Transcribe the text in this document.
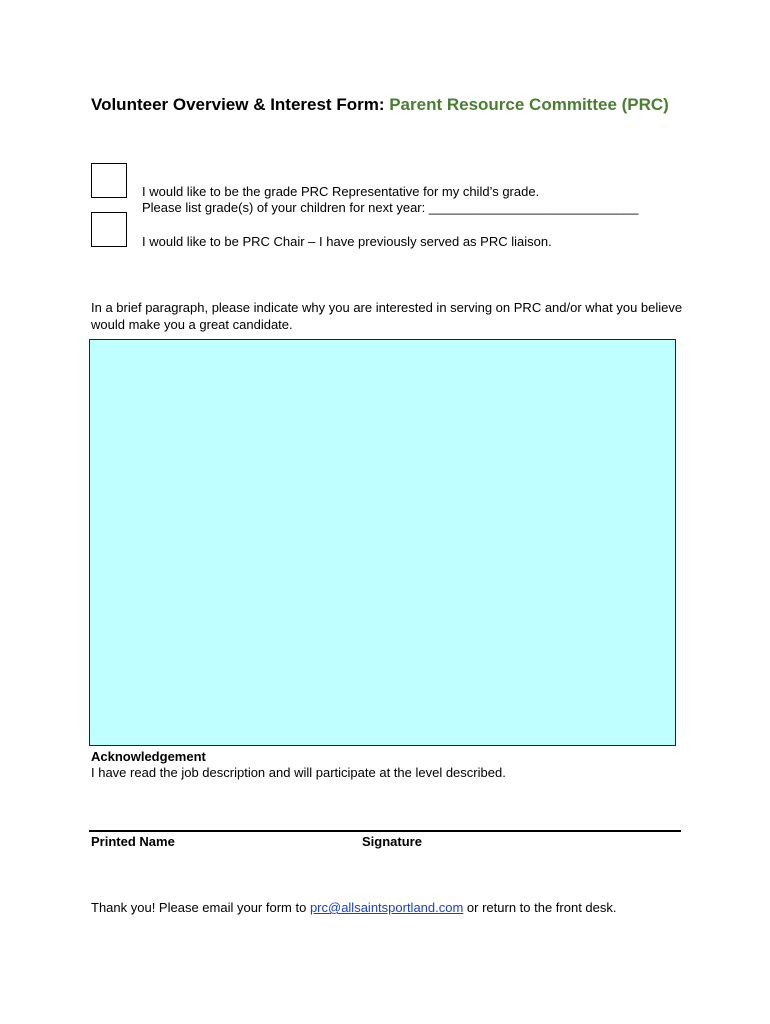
Volunteer Overview & Interest Form: Parent Resource Committee (PRC)
I would like to be the grade PRC Representative for my child’s grade.
Please list grade(s) of your children for next year: _____________________________
I would like to be PRC Chair – I have previously served as PRC liaison.
In a brief paragraph, please indicate why you are interested in serving on PRC and/or what you believe would make you a great candidate.
Acknowledgement
I have read the job description and will participate at the level described.
Printed Name	Signature
Thank you! Please email your form to prc@allsaintsportland.com or return to the front desk.
